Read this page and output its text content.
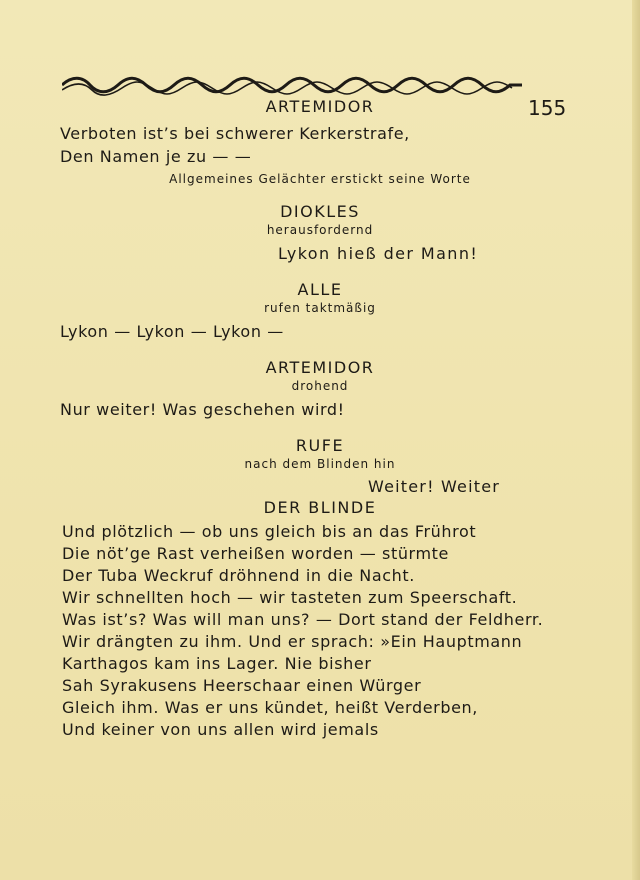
155
ARTEMIDOR
Verboten ist’s bei schwerer Kerkerstrafe,
Den Namen je zu — —
Allgemeines Gelächter erstickt seine Worte
DIOKLES
herausfordernd
Lykon hieß der Mann!
ALLE
rufen taktmäßig
Lykon — Lykon — Lykon —
ARTEMIDOR
drohend
Nur weiter! Was geschehen wird!
RUFE
nach dem Blinden hin
Weiter! Weiter
DER BLINDE
Und plötzlich — ob uns gleich bis an das Frührot
Die nöt’ge Rast verheißen worden — stürmte
Der Tuba Weckruf dröhnend in die Nacht.
Wir schnellten hoch — wir tasteten zum Speerschaft.
Was ist’s? Was will man uns? — Dort stand der Feldherr.
Wir drängten zu ihm. Und er sprach: »Ein Hauptmann
Karthagos kam ins Lager. Nie bisher
Sah Syrakusens Heerschaar einen Würger
Gleich ihm. Was er uns kündet, heißt Verderben,
Und keiner von uns allen wird jemals
